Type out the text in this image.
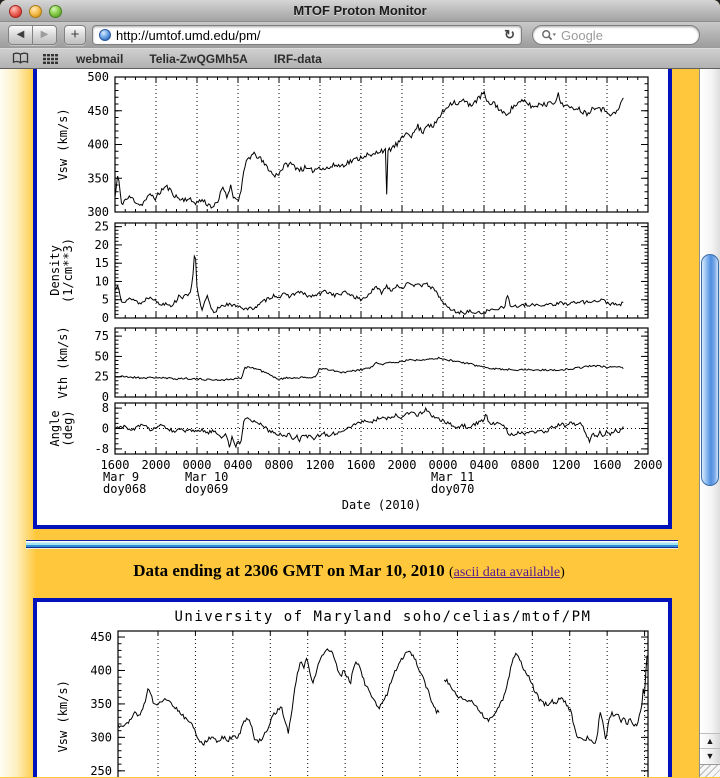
MTOF Proton Monitor
◀	▶	+	http://umtof.umd.edu/pm/	↻	Google
webmail Telia-ZwQGMh5A IRF-data
300
350
400
450
500
Vsw (km/s)
0
5
10
15
20
25
Density (1/cm**3)
0
25
50
75
Vth (km/s)
-8
0
8
Angle (deg)
1600 2000 0000 0400 0800 1200 1600 2000 0000 0400 0800 1200 1600 2000
Mar 9
doy068
Mar 10
doy069
Mar 11
doy070
Date (2010)
Data ending at 2306 GMT on Mar 10, 2010 (ascii data available)
University of Maryland soho/celias/mtof/PM
250
300
350
400
450
Vsw (km/s)	▲
▼
